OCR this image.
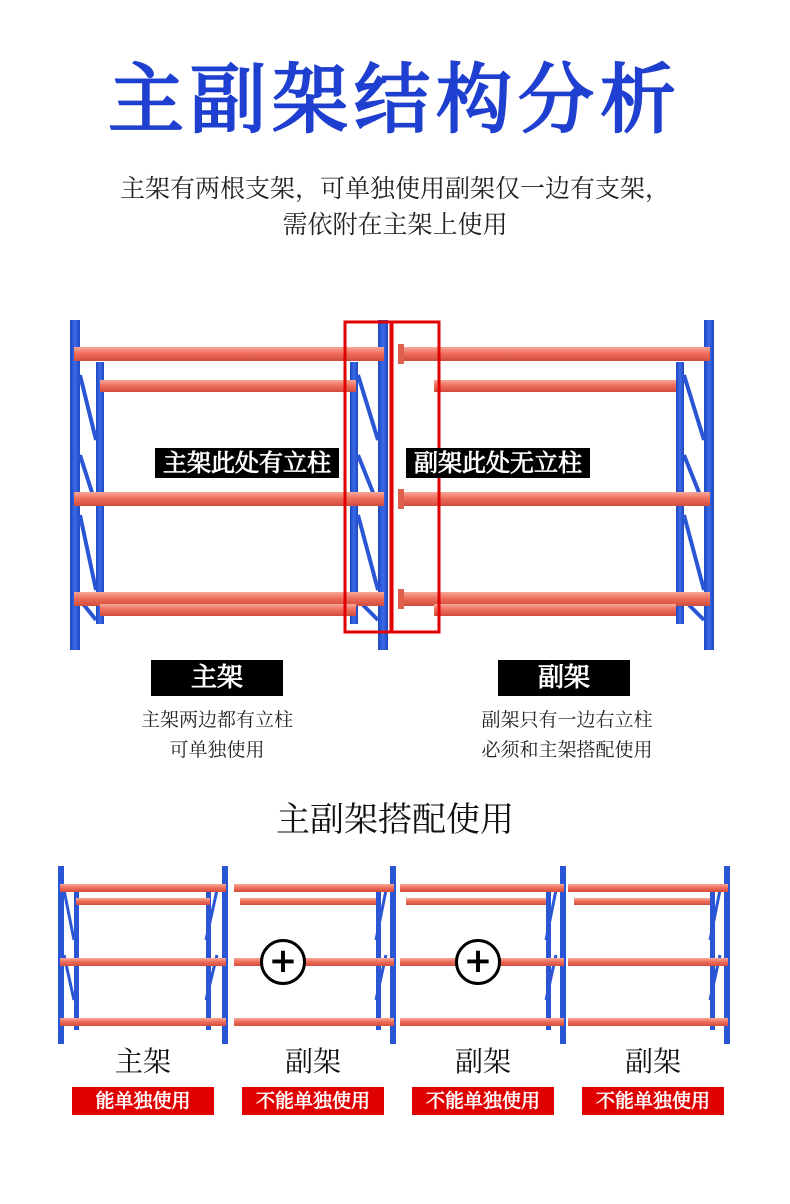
主副架结构分析
主架有两根支架，可单独使用副架仅一边有支架，
需依附在主架上使用
主架此处有立柱	副架此处无立柱
主架
主架两边都有立柱
可单独使用
副架
副架只有一边右立柱
必须和主架搭配使用
主副架搭配使用
+	+
主架	副架	副架	副架
能单独使用	不能单独使用	不能单独使用	不能单独使用
